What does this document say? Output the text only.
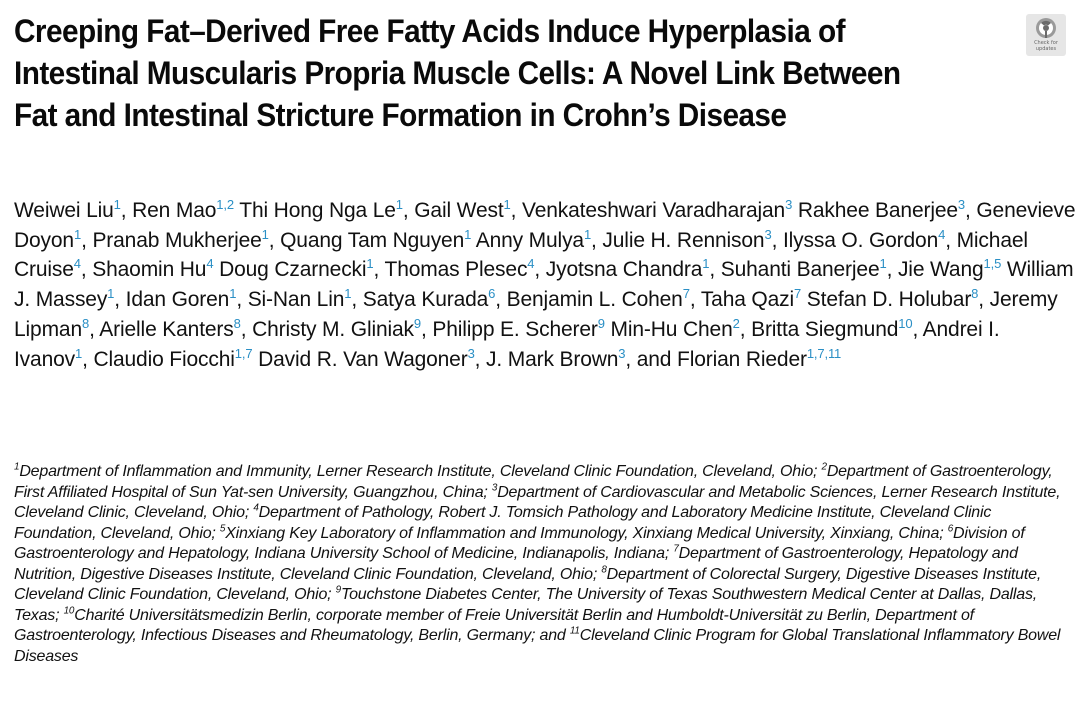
Creeping Fat–Derived Free Fatty Acids Induce Hyperplasia of Intestinal Muscularis Propria Muscle Cells: A Novel Link Between Fat and Intestinal Stricture Formation in Crohn’s Disease
Check for updates

Weiwei Liu$^1$, Ren Mao$^{1,2}$ Thi Hong Nga Le$^1$, Gail West$^1$, Venkateshwari Varadharajan$^3$ Rakhee Banerjee$^3$, Genevieve Doyon$^1$, Pranab Mukherjee$^1$, Quang Tam Nguyen$^1$ Anny Mulya$^1$, Julie H. Rennison$^3$, Ilyssa O. Gordon$^4$, Michael Cruise$^4$, Shaomin Hu$^4$ Doug Czarnecki$^1$, Thomas Plesec$^4$, Jyotsna Chandra$^1$, Suhanti Banerjee$^1$, Jie Wang$^{1,5}$ William J. Massey$^1$, Idan Goren$^1$, Si-Nan Lin$^1$, Satya Kurada$^6$, Benjamin L. Cohen$^7$, Taha Qazi$^7$ Stefan D. Holubar$^8$, Jeremy Lipman$^8$, Arielle Kanters$^8$, Christy M. Gliniak$^9$, Philipp E. Scherer$^9$ Min-Hu Chen$^2$, Britta Siegmund$^{10}$, Andrei I. Ivanov$^1$, Claudio Fiocchi$^{1,7}$ David R. Van Wagoner$^3$, J. Mark Brown$^3$, and Florian Rieder$^{1,7,11}$

$^1$Department of Inflammation and Immunity, Lerner Research Institute, Cleveland Clinic Foundation, Cleveland, Ohio; $^2$Department of Gastroenterology, First Affiliated Hospital of Sun Yat-sen University, Guangzhou, China; $^3$Department of Cardiovascular and Metabolic Sciences, Lerner Research Institute, Cleveland Clinic, Cleveland, Ohio; $^4$Department of Pathology, Robert J. Tomsich Pathology and Laboratory Medicine Institute, Cleveland Clinic Foundation, Cleveland, Ohio; $^5$Xinxiang Key Laboratory of Inflammation and Immunology, Xinxiang Medical University, Xinxiang, China; $^6$Division of Gastroenterology and Hepatology, Indiana University School of Medicine, Indianapolis, Indiana; $^7$Department of Gastroenterology, Hepatology and Nutrition, Digestive Diseases Institute, Cleveland Clinic Foundation, Cleveland, Ohio; $^8$Department of Colorectal Surgery, Digestive Diseases Institute, Cleveland Clinic Foundation, Cleveland, Ohio; $^9$Touchstone Diabetes Center, The University of Texas Southwestern Medical Center at Dallas, Dallas, Texas; $^{10}$Charité Universitätsmedizin Berlin, corporate member of Freie Universität Berlin and Humboldt-Universität zu Berlin, Department of Gastroenterology, Infectious Diseases and Rheumatology, Berlin, Germany; and $^{11}$Cleveland Clinic Program for Global Translational Inflammatory Bowel Diseases
